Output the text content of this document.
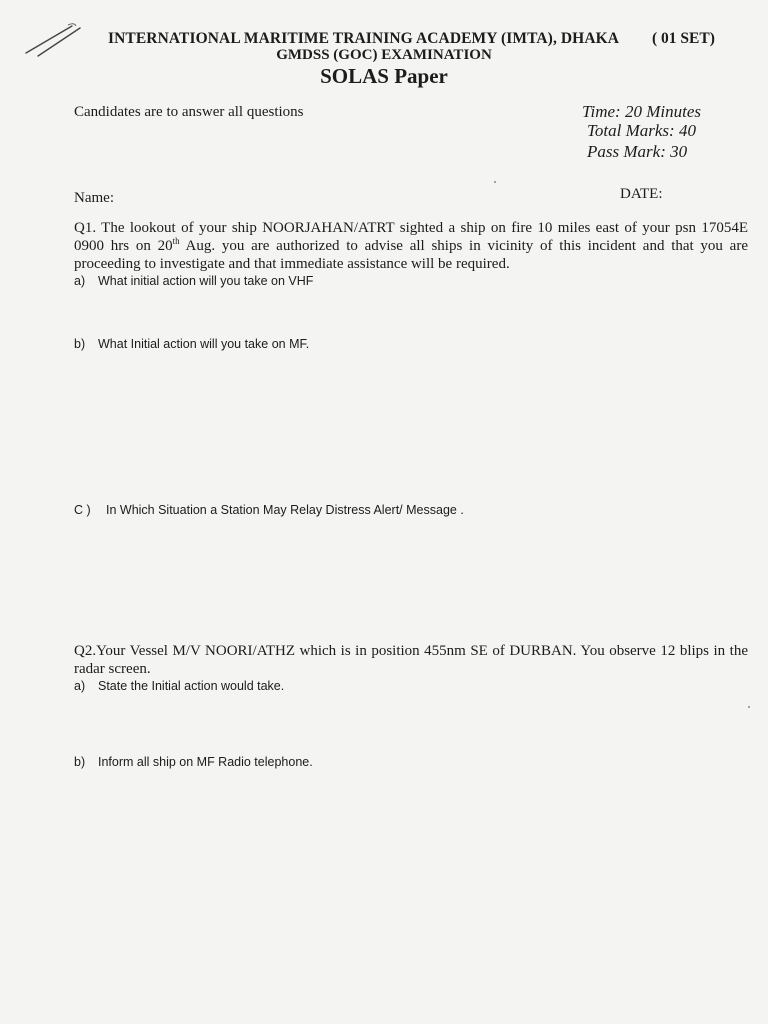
INTERNATIONAL MARITIME TRAINING ACADEMY (IMTA), DHAKA ( 01 SET)
GMDSS (GOC) EXAMINATION
SOLAS Paper
Candidates are to answer all questions	Time: 20 Minutes
Total Marks: 40
Pass Mark: 30
Name:	DATE:
Q1. The lookout of your ship NOORJAHAN/ATRT sighted a ship on fire 10 miles east of your psn 17054E 0900 hrs on 20th Aug. you are authorized to advise all ships in vicinity of this incident and that you are proceeding to investigate and that immediate assistance will be required.
a) What initial action will you take on VHF
b) What Initial action will you take on MF.
C ) In Which Situation a Station May Relay Distress Alert/ Message .
Q2.Your Vessel M/V NOORI/ATHZ which is in position 455nm SE of DURBAN. You observe 12 blips in the radar screen.
a) State the Initial action would take.
b) Inform all ship on MF Radio telephone.
